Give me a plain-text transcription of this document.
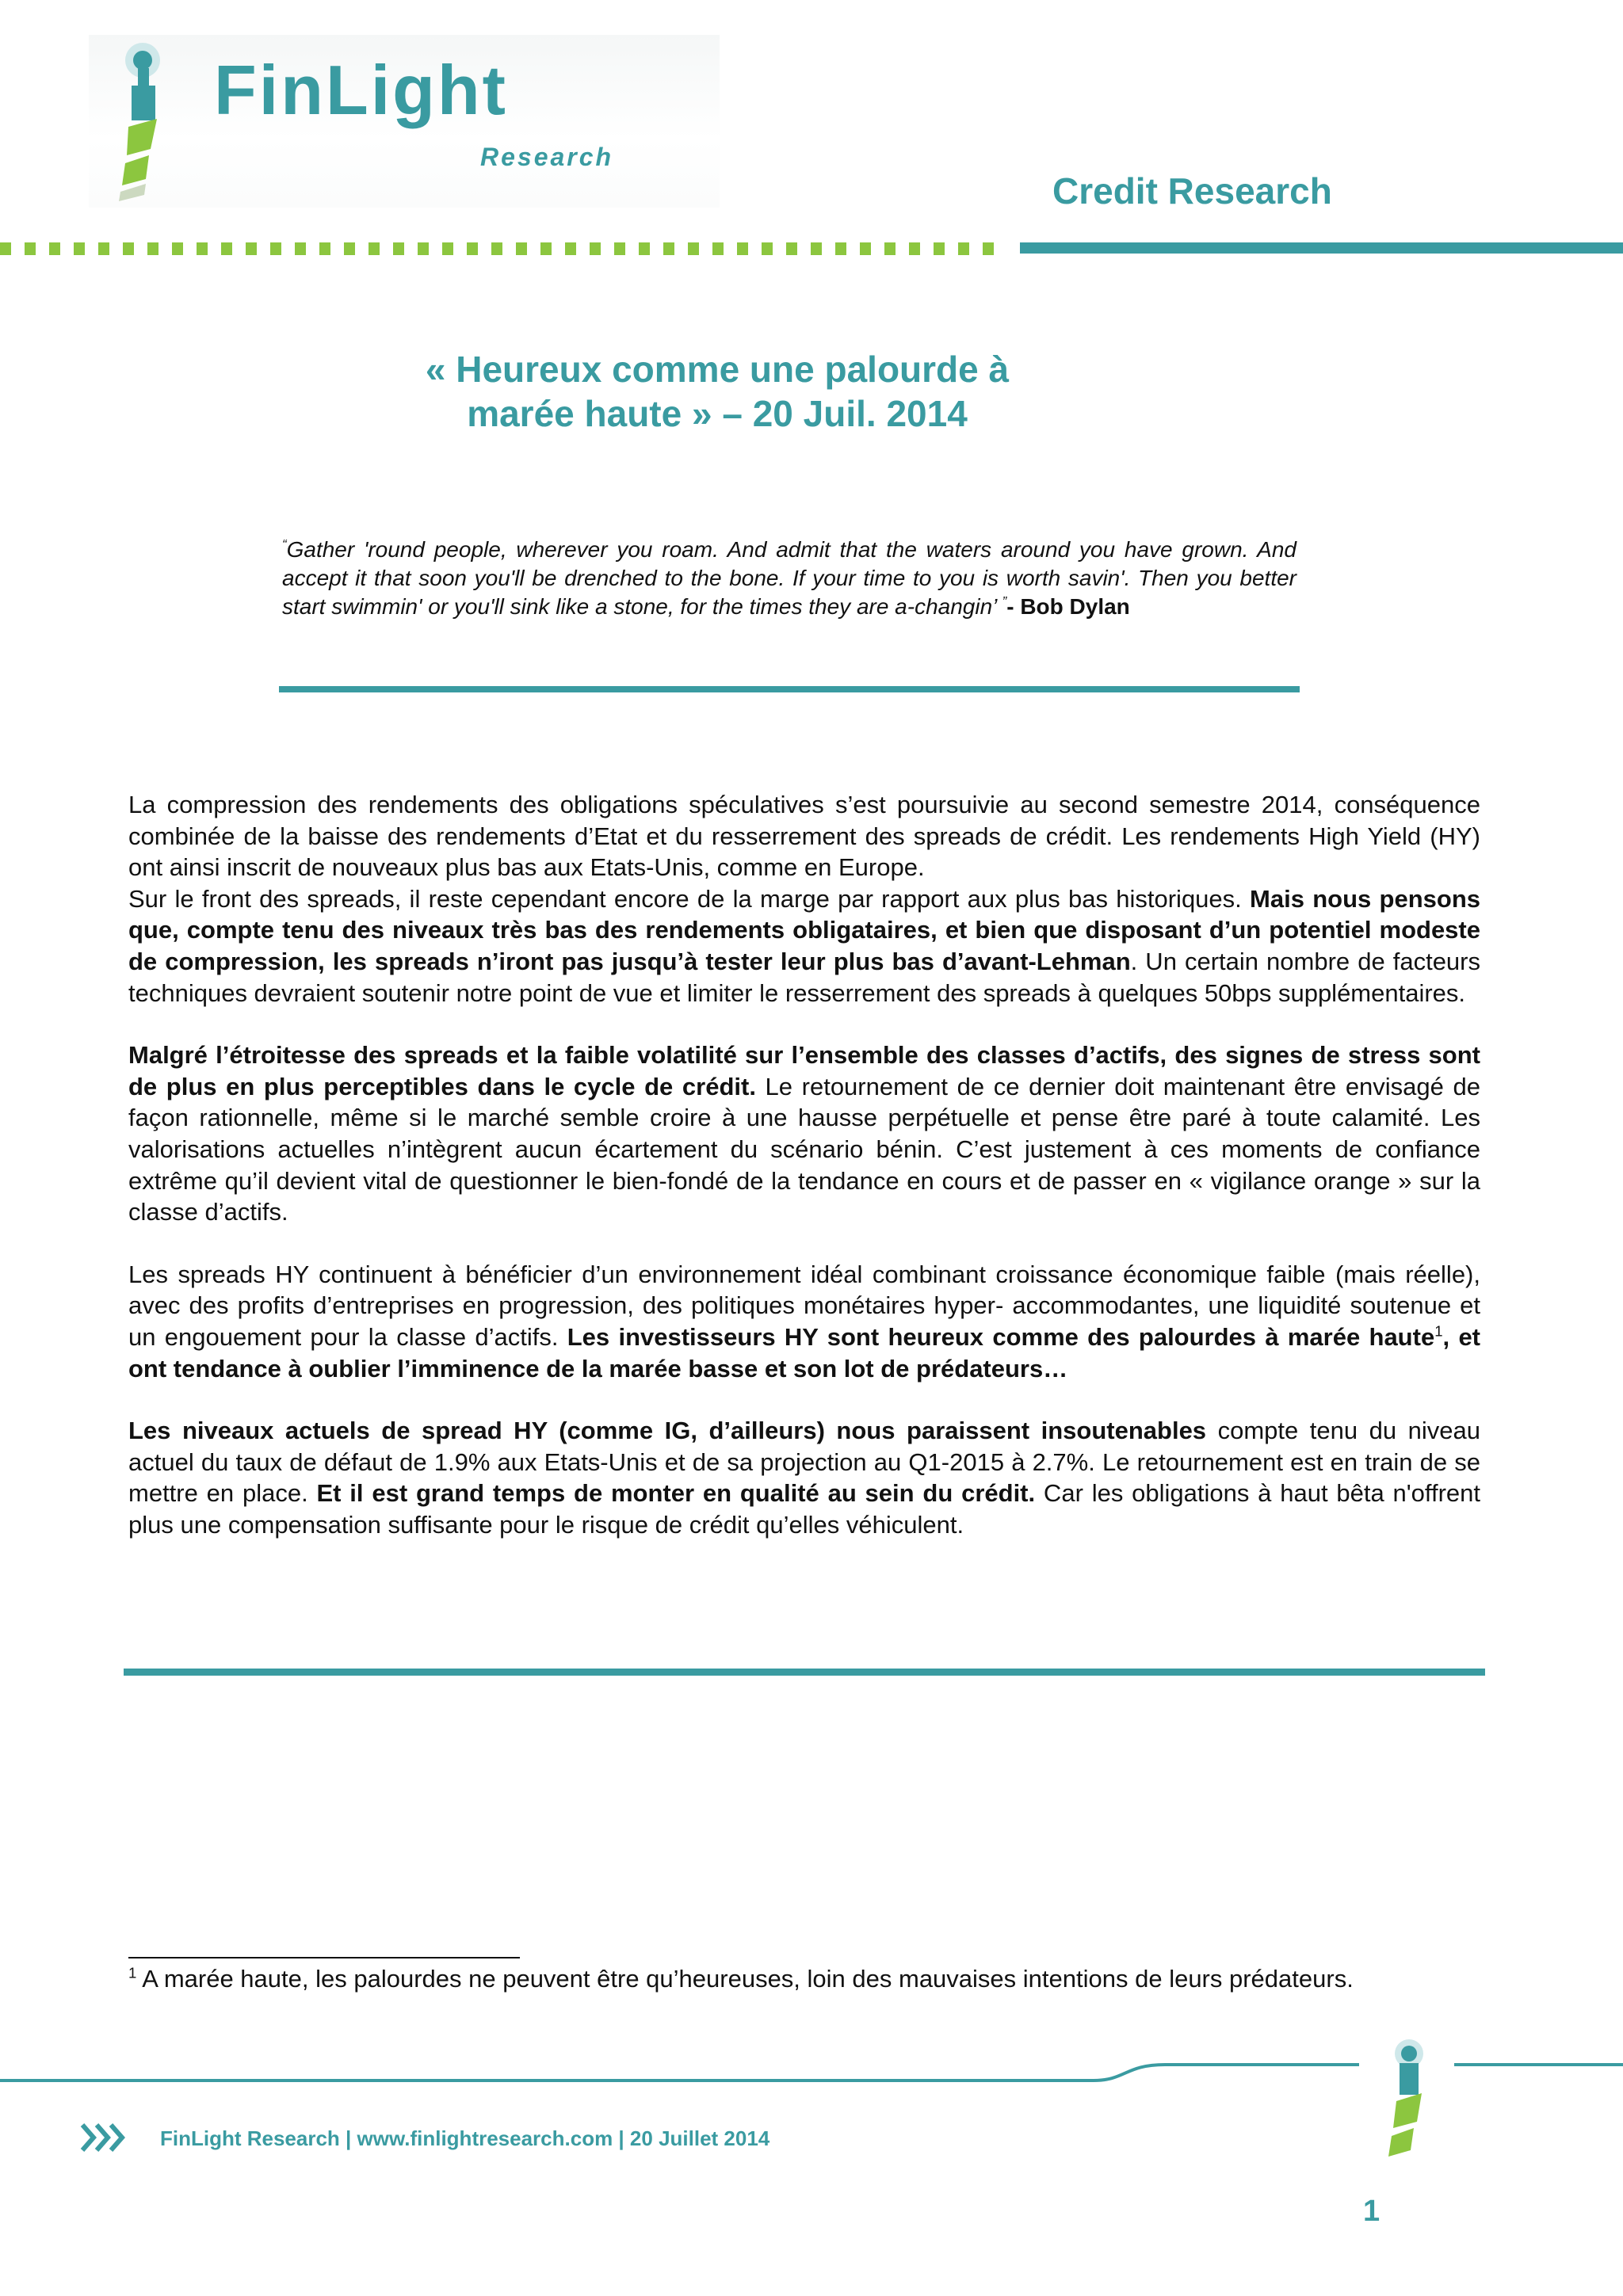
FinLight
Research
Credit Research
« Heureux comme une palourde à
marée haute » – 20 Juil. 2014
“Gather 'round people, wherever you roam. And admit that the waters around you have grown. And accept it that soon you'll be drenched to the bone. If your time to you is worth savin'. Then you better start swimmin' or you'll sink like a stone, for the times they are a-changin’ ”- Bob Dylan

La compression des rendements des obligations spéculatives s’est poursuivie au second semestre 2014, conséquence combinée de la baisse des rendements d’Etat et du resserrement des spreads de crédit. Les rendements High Yield (HY) ont ainsi inscrit de nouveaux plus bas aux Etats-Unis, comme en Europe.
Sur le front des spreads, il reste cependant encore de la marge par rapport aux plus bas historiques. Mais nous pensons que, compte tenu des niveaux très bas des rendements obligataires, et bien que disposant d’un potentiel modeste de compression, les spreads n’iront pas jusqu’à tester leur plus bas d’avant-Lehman. Un certain nombre de facteurs techniques devraient soutenir notre point de vue et limiter le resserrement des spreads à quelques 50bps supplémentaires.

Malgré l’étroitesse des spreads et la faible volatilité sur l’ensemble des classes d’actifs, des signes de stress sont de plus en plus perceptibles dans le cycle de crédit. Le retournement de ce dernier doit maintenant être envisagé de façon rationnelle, même si le marché semble croire à une hausse perpétuelle et pense être paré à toute calamité. Les valorisations actuelles n’intègrent aucun écartement du scénario bénin. C’est justement à ces moments de confiance extrême qu’il devient vital de questionner le bien-fondé de la tendance en cours et de passer en « vigilance orange » sur la classe d’actifs.

Les spreads HY continuent à bénéficier d’un environnement idéal combinant croissance économique faible (mais réelle), avec des profits d’entreprises en progression, des politiques monétaires hyper- accommodantes, une liquidité soutenue et un engouement pour la classe d’actifs. Les investisseurs HY sont heureux comme des palourdes à marée haute$^1$, et ont tendance à oublier l’imminence de la marée basse et son lot de prédateurs…

Les niveaux actuels de spread HY (comme IG, d’ailleurs) nous paraissent insoutenables compte tenu du niveau actuel du taux de défaut de 1.9% aux Etats-Unis et de sa projection au Q1-2015 à 2.7%. Le retournement est en train de se mettre en place. Et il est grand temps de monter en qualité au sein du crédit. Car les obligations à haut bêta n'offrent plus une compensation suffisante pour le risque de crédit qu’elles véhiculent.

$^1$ A marée haute, les palourdes ne peuvent être qu’heureuses, loin des mauvaises intentions de leurs prédateurs.
FinLight Research | www.finlightresearch.com | 20 Juillet 2014
1
